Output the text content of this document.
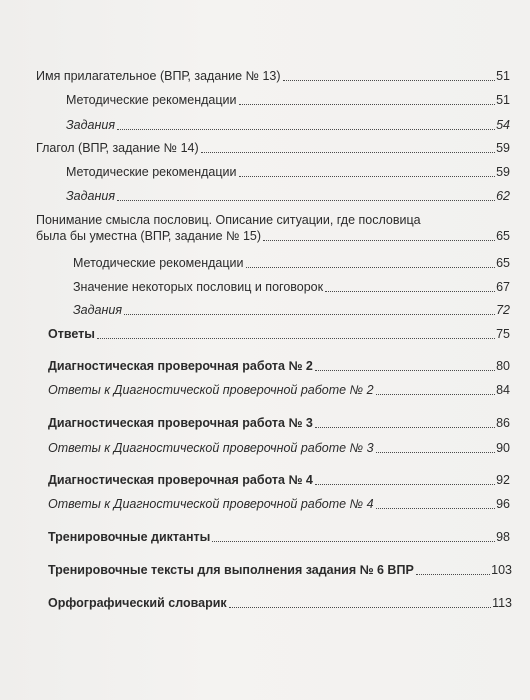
Имя прилагательное (ВПР, задание № 13)	51
Методические рекомендации	51
Задания	54
Глагол (ВПР, задание № 14)	59
Методические рекомендации	59
Задания	62
Понимание смысла пословиц. Описание ситуации, где пословица
была бы уместна (ВПР, задание № 15)	65
Методические рекомендации	65
Значение некоторых пословиц и поговорок	67
Задания	72
Ответы	75
Диагностическая проверочная работа № 2	80
Ответы к Диагностической проверочной работе № 2	84
Диагностическая проверочная работа № 3	86
Ответы к Диагностической проверочной работе № 3	90
Диагностическая проверочная работа № 4	92
Ответы к Диагностической проверочной работе № 4	96
Тренировочные диктанты	98
Тренировочные тексты для выполнения задания № 6 ВПР	103
Орфографический словарик	113
